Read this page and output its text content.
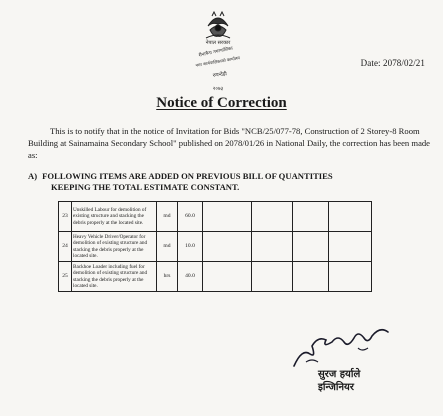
नेपाल सरकार
सैनामैना नगरपालिका
नगर कार्यपालिकाको कार्यालय
रुपन्देही
२०७३
Date: 2078/02/21
Notice of Correction
This is to notify that in the notice of Invitation for Bids "NCB/25/077-78, Construction of 2 Storey-8 Room Building at Sainamaina Secondary School" published on 2078/01/26 in National Daily, the correction has been made as:
A) FOLLOWING ITEMS ARE ADDED ON PREVIOUS BILL OF QUANTITIES
KEEPING THE TOTAL ESTIMATE CONSTANT.
23	Unskilled Labour for demolition of existing structure and stacking the debris properly at the located site.	md	60.0				
24	Heavy Vehicle Driver/Operator for demolition of existing structure and stacking the debris properly at the located site.	md	10.0				
25	Backhoe Loader including fuel for demolition of existing structure and stacking the debris properly at the located site.	hrs	40.0				
सुरज हर्याले
इन्जिनियर
